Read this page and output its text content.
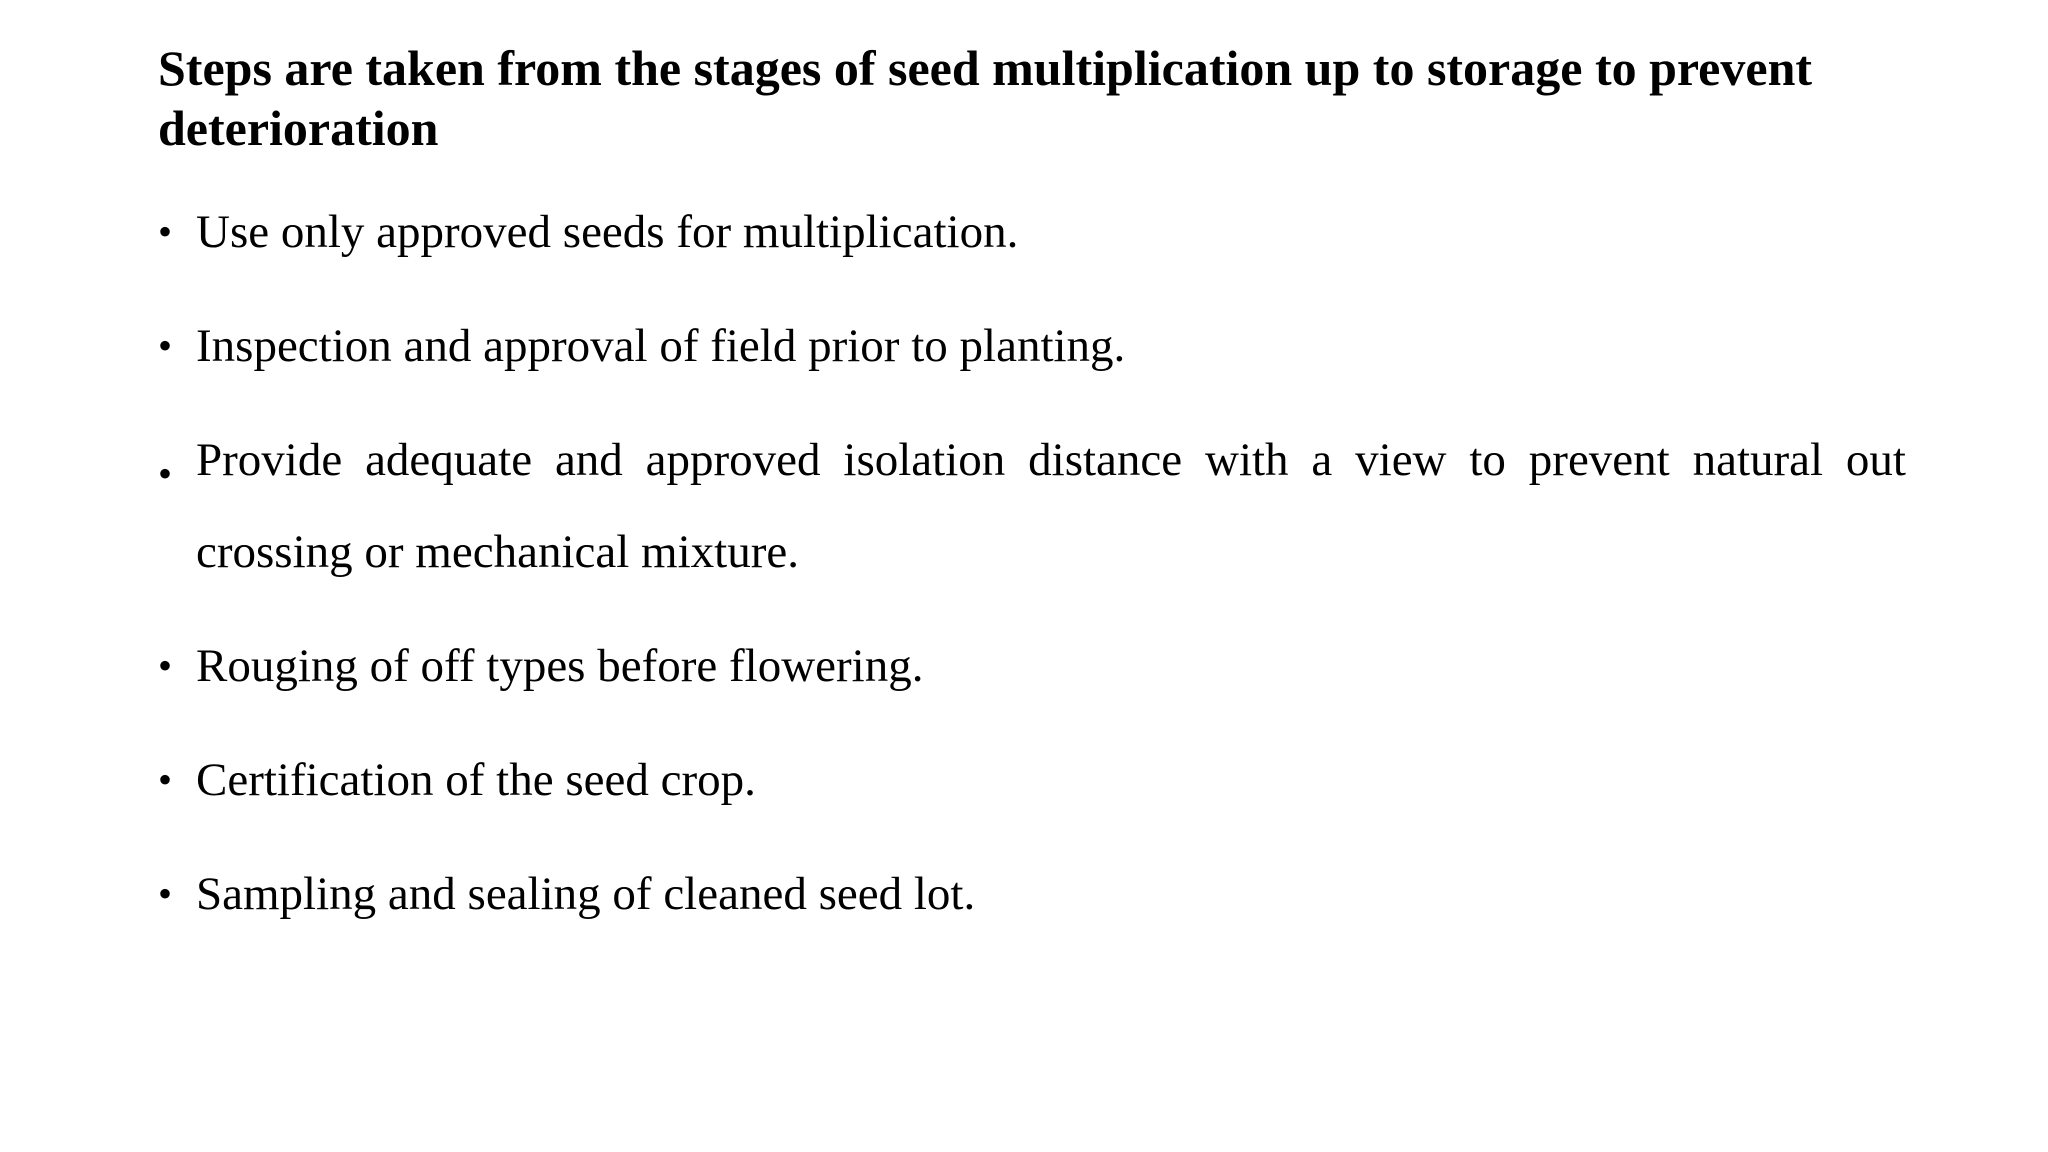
Steps are taken from the stages of seed multiplication up to storage to prevent deterioration
• Use only approved seeds for multiplication.
• Inspection and approval of field prior to planting.
• Provide adequate and approved isolation distance with a view to prevent natural out crossing or mechanical mixture.
• Rouging of off types before flowering.
• Certification of the seed crop.
• Sampling and sealing of cleaned seed lot.
